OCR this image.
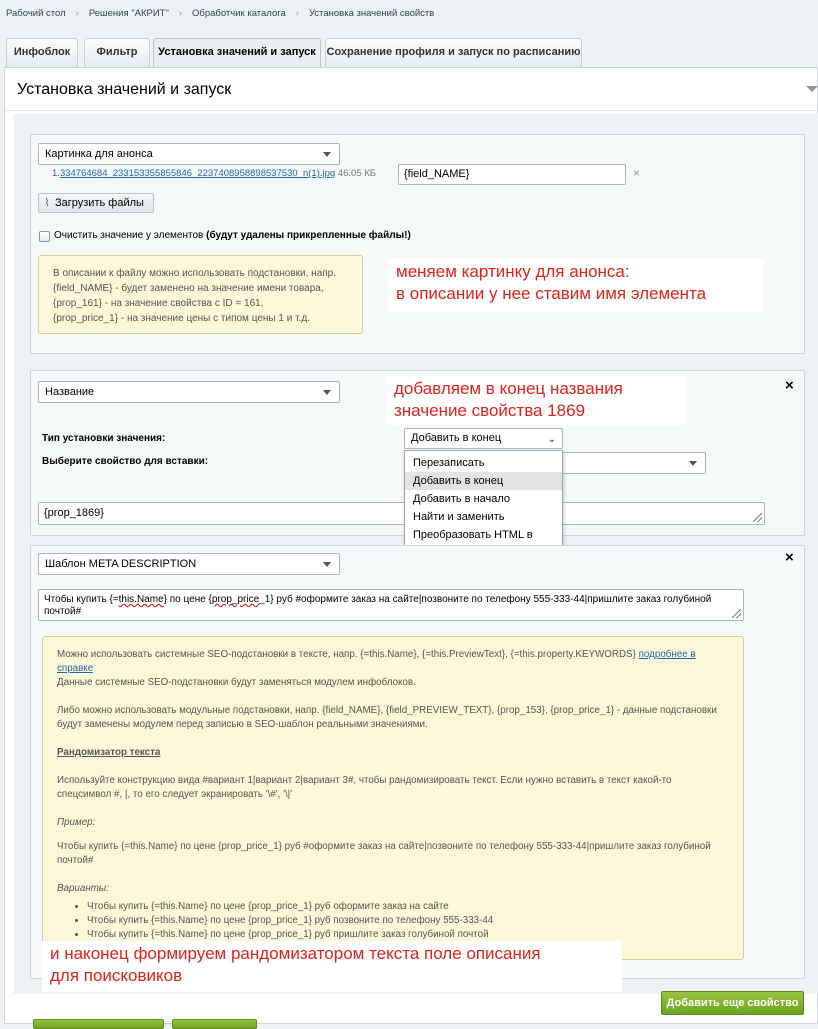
Рабочий стол › Решения "АКРИТ" › Обработчик каталога › Установка значений свойств
Инфоблок	Фильтр	Установка значений и запуск Сохранение профиля и запуск по расписанию
Установка значений и запуск
Картинка для анонса
1.334764684_233153355855846_2237408958898537530_n(1).jpg 46.05 КБ	{field_NAME}	×
⌇ Загрузить файлы
Очистить значение у элементов (будут удалены прикрепленные файлы!)
В описании к файлу можно использовать подстановки, напр.
{field_NAME} - будет заменено на значение имени товара,
{prop_161} - на значение свойства с ID = 161,
{prop_price_1} - на значение цены с типом цены 1 и т.д.
меняем картинку для анонса:
в описании у нее ставим имя элемента
Название	×
добавляем в конец названия
значение свойства 1869
Тип установки значения:	Добавить в конец	⌄
Выберите свойство для вставки:
{prop_1869}
Перезаписать
Добавить в конец
Добавить в начало
Найти и заменить
Преобразовать HTML в
Шаблон META DESCRIPTION	×
Чтобы купить {=this.Name} по цене {prop_price_1} руб #оформите заказ на сайте|позвоните по телефону 555-333-44|пришлите заказ голубиной почтой#
Можно использовать системные SEO-подстановки в тексте, напр. {=this.Name}, {=this.PreviewText}, {=this.property.KEYWORDS} подробнее в справке
Данные системные SEO-подстановки будут заменяться модулем инфоблоков.
Либо можно использовать модульные подстановки, напр. {field_NAME}, {field_PREVIEW_TEXT}, {prop_153}, {prop_price_1} - данные подстановки будут заменены модулем перед записью в SEO-шаблон реальными значениями.
Рандомизатор текста
Используйте конструкцию вида #вариант 1|вариант 2|вариант 3#, чтобы рандомизировать текст. Если нужно вставить в текст какой-то спецсимвол #, |, то его следует экранировать '\#', '\|'
Пример:
Чтобы купить {=this.Name} по цене {prop_price_1} руб #оформите заказ на сайте|позвоните по телефону 555-333-44|пришлите заказ голубиной почтой#
Варианты:
• Чтобы купить {=this.Name} по цене {prop_price_1} руб оформите заказ на сайте
• Чтобы купить {=this.Name} по цене {prop_price_1} руб позвоните по телефону 555-333-44
• Чтобы купить {=this.Name} по цене {prop_price_1} руб пришлите заказ голубиной почтой
и наконец формируем рандомизатором текста поле описания
для поисковиков
Добавить еще свойство
